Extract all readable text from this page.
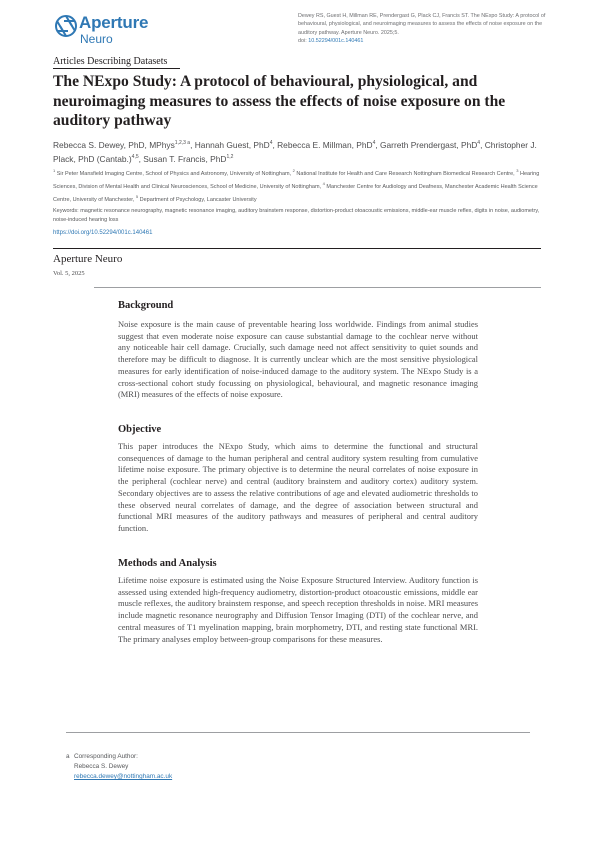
Aperture
Neuro
Dewey RS, Guest H, Millman RE, Prendergast G, Plack CJ, Francis ST. The NExpo Study: A protocol of behavioural, physiological, and neuroimaging measures to assess the effects of noise exposure on the auditory pathway. Aperture Neuro. 2025;5.
doi: 10.52294/001c.140461
Articles Describing Datasets
The NExpo Study: A protocol of behavioural, physiological, and neuroimaging measures to assess the effects of noise exposure on the auditory pathway
Rebecca S. Dewey, PhD, MPhys$^{1,2,3 a}$, Hannah Guest, PhD$^4$, Rebecca E. Millman, PhD$^4$, Garreth Prendergast, PhD$^4$, Christopher J. Plack, PhD (Cantab.)$^{4,5}$, Susan T. Francis, PhD$^{1,2}$
$^1$ Sir Peter Mansfield Imaging Centre, School of Physics and Astronomy, University of Nottingham, $^2$ National Institute for Health and Care Research Nottingham Biomedical Research Centre, $^3$ Hearing Sciences, Division of Mental Health and Clinical Neurosciences, School of Medicine, University of Nottingham, $^4$ Manchester Centre for Audiology and Deafness, Manchester Academic Health Science Centre, University of Manchester, $^5$ Department of Psychology, Lancaster University
Keywords: magnetic resonance neurography, magnetic resonance imaging, auditory brainstem response, distortion-product otoacoustic emissions, middle-ear muscle reflex, digits in noise, audiometry, noise-induced hearing loss
https://doi.org/10.52294/001c.140461
Aperture Neuro
Vol. 5, 2025
Background
Noise exposure is the main cause of preventable hearing loss worldwide. Findings from animal studies suggest that even moderate noise exposure can cause substantial damage to the cochlear nerve without any noticeable hair cell damage. Crucially, such damage need not affect sensitivity to quiet sounds and therefore may be difficult to diagnose. It is currently unclear which are the most sensitive physiological measures for early identification of noise-induced damage to the auditory system. The NExpo Study is a cross-sectional cohort study focussing on physiological, behavioural, and magnetic resonance imaging (MRI) measures of the effects of noise exposure.
Objective
This paper introduces the NExpo Study, which aims to determine the functional and structural consequences of damage to the human peripheral and central auditory system resulting from cumulative lifetime noise exposure. The primary objective is to determine the neural correlates of noise exposure in the peripheral (cochlear nerve) and central (auditory brainstem and auditory cortex) auditory system. Secondary objectives are to assess the relative contributions of age and elevated audiometric thresholds to these observed neural correlates of damage, and the degree of association between structural and functional MRI measures of the auditory pathways and measures of peripheral and central auditory function.
Methods and Analysis
Lifetime noise exposure is estimated using the Noise Exposure Structured Interview. Auditory function is assessed using extended high-frequency audiometry, distortion-product otoacoustic emissions, middle ear muscle reflexes, the auditory brainstem response, and speech reception thresholds in noise. MRI measures include magnetic resonance neurography and Diffusion Tensor Imaging (DTI) of the cochlear nerve, and central measures of T1 myelination mapping, brain morphometry, DTI, and resting state functional MRI. The primary analyses employ between-group comparisons for these measures.
a Corresponding Author:
Rebecca S. Dewey
rebecca.dewey@nottingham.ac.uk
